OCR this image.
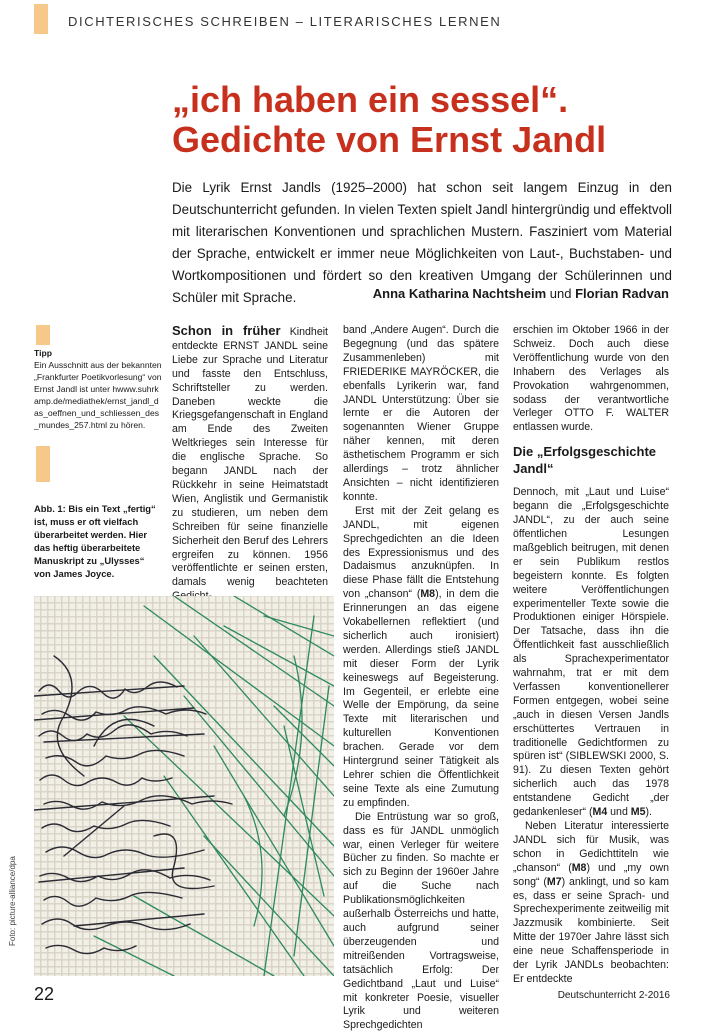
DICHTERISCHES SCHREIBEN – LITERARISCHES LERNEN
„ich haben ein sessel“.
Gedichte von Ernst Jandl
Die Lyrik Ernst Jandls (1925–2000) hat schon seit langem Einzug in den Deutschunterricht gefunden. In vielen Texten spielt Jandl hintergründig und effektvoll mit literarischen Konventionen und sprachlichen Mustern. Fasziniert vom Material der Sprache, entwickelt er immer neue Möglichkeiten von Laut-, Buchstaben- und Wortkompositionen und fördert so den kreativen Umgang der Schülerinnen und Schüler mit Sprache.	Anna Katharina Nachtsheim und Florian Radvan
Tipp
Ein Ausschnitt aus der bekannten „Frankfurter Poetikvorlesung“ von Ernst Jandl ist unter hwww.suhrkamp.de/mediathek/ernst_jandl_das_oeffnen_und_schliessen_des_mundes_257.html zu hören.
Abb. 1: Bis ein Text „fertig“ ist, muss er oft vielfach überarbeitet werden. Hier das heftig überarbeitete Manuskript zu „Ulysses“ von James Joyce.

Schon in früher Kindheit entdeckte ERNST JANDL seine Liebe zur Sprache und Literatur und fasste den Entschluss, Schriftsteller zu werden. Daneben weckte die Kriegsgefangenschaft in England am Ende des Zweiten Weltkrieges sein Interesse für die englische Sprache. So begann JANDL nach der Rückkehr in seine Heimatstadt Wien, Anglistik und Germanistik zu studieren, um neben dem Schreiben für seine finanzielle Sicherheit den Beruf des Lehrers ergreifen zu können. 1956 veröffentlichte er seinen ersten, damals wenig beachteten

band „Andere Augen“. Durch die Begegnung (und das spätere Zusammenleben) mit FRIEDERIKE MAYRÖCKER, die ebenfalls Lyrikerin war, fand JANDL Unterstützung: Über sie lernte er die Autoren der sogenannten Wiener Gruppe näher kennen, mit deren ästhetischem Programm er sich allerdings – trotz ähnlicher Ansichten – nicht identifizieren konnte.

Erst mit der Zeit gelang es JANDL, mit eigenen Sprechgedichten an die Ideen des Expressionismus und des Dadaismus anzuknüpfen. In diese Phase fällt die Entstehung von „chanson“ (M8), in dem die Erinnerungen an das eigene Vokabellernen reflektiert (und sicherlich auch ironisiert) werden. Allerdings stieß JANDL mit dieser Form der Lyrik keineswegs auf Begeisterung. Im Gegenteil, er erlebte eine Welle der Empörung, da seine Texte mit literarischen und kulturellen Konventionen brachen. Gerade vor dem Hintergrund seiner Tätigkeit als Lehrer schien die Öffentlichkeit seine Texte als eine Zumutung zu empfinden.

Die Entrüstung war so groß, dass es für JANDL unmöglich war, einen Verleger für weitere Bücher zu finden. So machte er sich zu Beginn der 1960er Jahre auf die Suche nach Publikationsmöglichkeiten außerhalb Österreichs und hatte, auch aufgrund seiner überzeugenden und mitreißenden Vortragsweise, tatsächlich Erfolg: Der Gedichtband „Laut und Luise“ mit konkreter Poesie, visueller Lyrik und weiteren Sprechgedichten

erschien im Oktober 1966 in der Schweiz. Doch auch diese Veröffentlichung wurde von den Inhabern des Verlages als Provokation wahrgenommen, sodass der verantwortliche Verleger OTTO F. WALTER entlassen wurde.

Die „Erfolgsgeschichte Jandl“

Dennoch, mit „Laut und Luise“ begann die „Erfolgsgeschichte JANDL“, zu der auch seine öffentlichen Lesungen maßgeblich beitrugen, mit denen er sein Publikum restlos begeistern konnte. Es folgten weitere Veröffentlichungen experimenteller Texte sowie die Produktionen einiger Hörspiele. Der Tatsache, dass ihn die Öffentlichkeit fast ausschließlich als Sprachexperimentator wahrnahm, trat er mit dem Verfassen konventionellerer Formen entgegen, wobei seine „auch in diesen Versen Jandls erschüttertes Vertrauen in traditionelle Gedichtformen zu spüren ist“ (SIBLEWSKI 2000, S. 91). Zu diesen Texten gehört sicherlich auch das 1978 entstandene Gedicht „der gedankenleser“ (M4 und M5).

Neben Literatur interessierte JANDL sich für Musik, was schon in Gedichttiteln wie „chanson“ (M8) und „my own song“ (M7) anklingt, und so kam es, dass er seine Sprach- und Sprechexperimente zeitweilig mit Jazzmusik kombinierte. Seit Mitte der 1970er Jahre lässt sich eine neue Schaffensperiode in der Lyrik JANDLs beobachten: Er entdeckte

Foto: picture-alliance/dpa
22	Deutschunterricht 2-2016
